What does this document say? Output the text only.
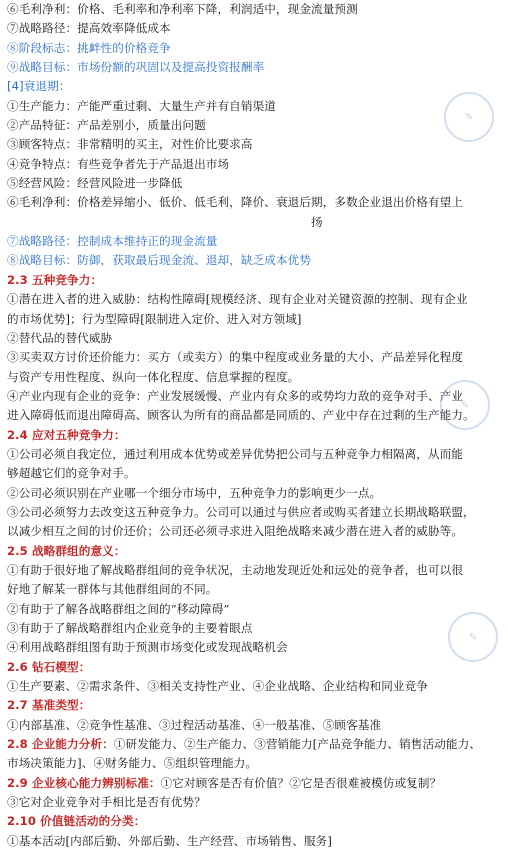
⑥毛利净利：价格、毛利率和净利率下降，利润适中，现金流量预测
⑦战略路径：提高效率降低成本
⑧阶段标志：挑衅性的价格竞争
⑨战略目标：市场份额的巩固以及提高投资报酬率
[4]衰退期：
①生产能力：产能严重过剩、大量生产并有自销渠道
②产品特征：产品差别小，质量出问题
③顾客特点：非常精明的买主，对性价比要求高
④竞争特点：有些竞争者先于产品退出市场
⑤经营风险：经营风险进一步降低
⑥毛利净利：价格差异缩小、低价、低毛利，降价、衰退后期，多数企业退出价格有望上
扬
⑦战略路径：控制成本维持正的现金流量
⑧战略目标：防御，获取最后现金流、退却，缺乏成本优势
2.3 五种竞争力：
①潜在进入者的进入威胁：结构性障碍[规模经济、现有企业对关键资源的控制、现有企业
的市场优势]；行为型障碍[限制进入定价、进入对方领域]
②替代品的替代威胁
③买卖双方讨价还价能力：买方（或卖方）的集中程度或业务量的大小、产品差异化程度
与资产专用性程度、纵向一体化程度、信息掌握的程度。
④产业内现有企业的竞争：产业发展缓慢、产业内有众多的或势均力敌的竞争对手、产业
进入障碍低而退出障碍高、顾客认为所有的商品都是同质的、产业中存在过剩的生产能力。
2.4 应对五种竞争力：
①公司必须自我定位，通过利用成本优势或差异优势把公司与五种竞争力相隔离，从而能
够超越它们的竞争对手。
②公司必须识别在产业哪一个细分市场中，五种竞争力的影响更少一点。
③公司必须努力去改变这五种竞争力。公司可以通过与供应者或购买者建立长期战略联盟，
以减少相互之间的讨价还价；公司还必须寻求进入阻绝战略来减少潜在进入者的威胁等。
2.5 战略群组的意义：
①有助于很好地了解战略群组间的竞争状况，主动地发现近处和远处的竞争者，也可以很
好地了解某一群体与其他群组间的不同。
②有助于了解各战略群组之间的“移动障碍”
③有助于了解战略群组内企业竞争的主要着眼点
④利用战略群组图有助于预测市场变化或发现战略机会
2.6 钻石模型：
①生产要素、②需求条件、③相关支持性产业、④企业战略、企业结构和同业竞争
2.7 基准类型：
①内部基准、②竞争性基准、③过程活动基准、④一般基准、⑤顾客基准
2.8 企业能力分析：①研发能力、②生产能力、③营销能力[产品竞争能力、销售活动能力、
市场决策能力]、④财务能力、⑤组织管理能力。
2.9 企业核心能力辨别标准：①它对顾客是否有价值？②它是否很难被模仿或复制？
③它对企业竞争对手相比是否有优势？
2.10 价值链活动的分类：
①基本活动[内部后勤、外部后勤、生产经营、市场销售、服务]
✎
✎
✎
